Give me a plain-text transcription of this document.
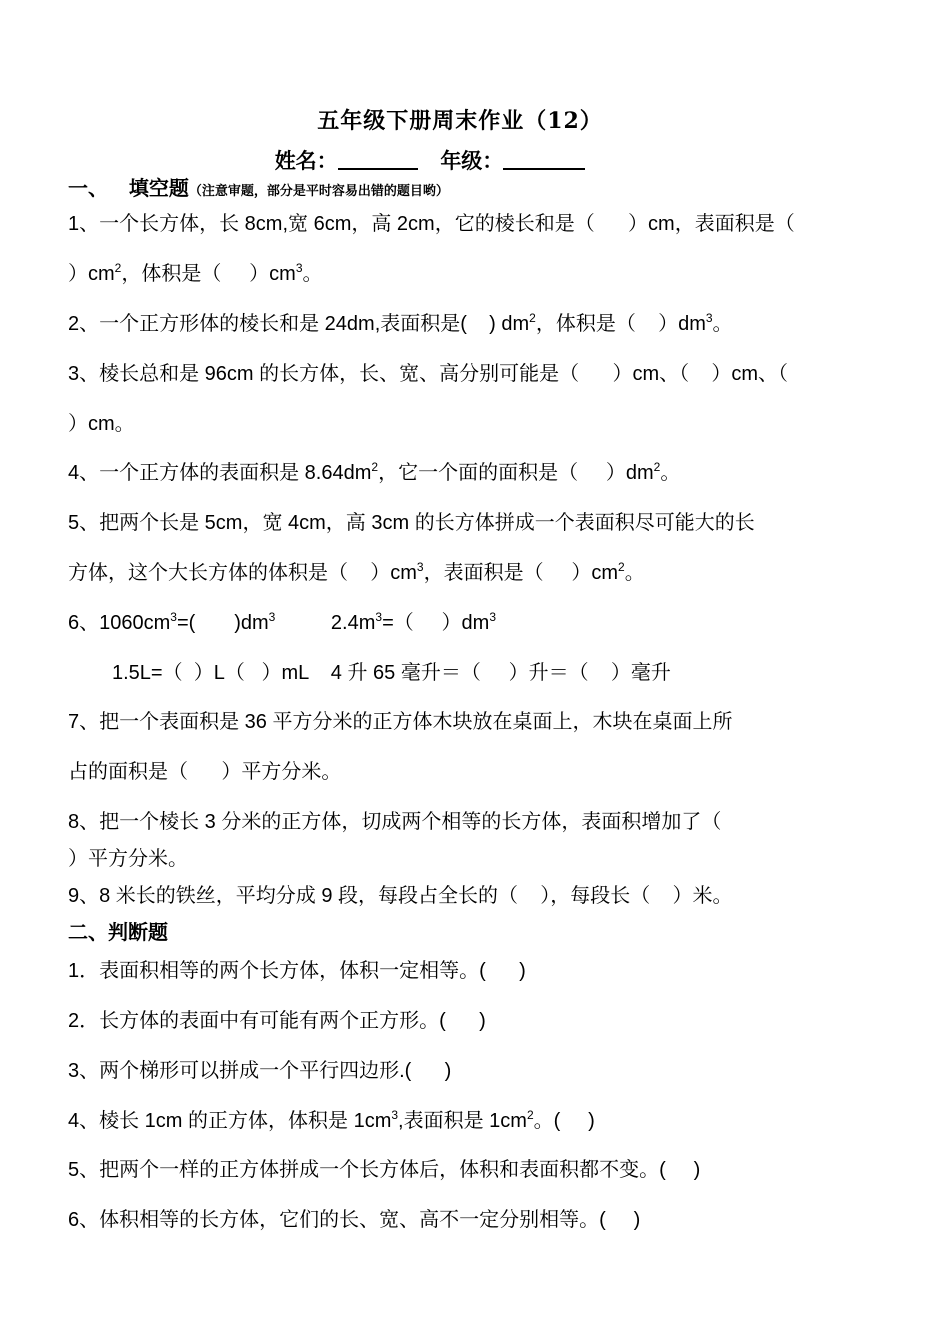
五年级下册周末作业（12）
姓名：	年级：
一、   填空题（注意审题，部分是平时容易出错的题目哟）
1、一个长方体，长 8cm,宽 6cm，高 2cm，它的棱长和是（      ）cm，表面积是（
）$cm^2$，体积是（     ）$cm^3$。
2、一个正方形体的棱长和是 24dm,表面积是(    ) $dm^2$，体积是（    ）$dm^3$。
3、棱长总和是 96cm 的长方体，长、宽、高分别可能是（      ）cm、（    ）cm、（
）cm。
4、一个正方体的表面积是 $8.64dm^2$，它一个面的面积是（     ）$dm^2$。
5、把两个长是 5cm，宽 4cm，高 3cm 的长方体拼成一个表面积尽可能大的长
方体，这个大长方体的体积是（    ）$cm^3$，表面积是（     ）$cm^2$。
6、$1060cm^3=$(       )$dm^3$          $2.4m^3=$（     ）$dm^3$
1.5L=（  ）L（   ）mL    4 升 65 毫升＝（     ）升＝（    ）毫升
7、把一个表面积是 36 平方分米的正方体木块放在桌面上，木块在桌面上所
占的面积是（      ）平方分米。
8、把一个棱长 3 分米的正方体，切成两个相等的长方体，表面积增加了（
）平方分米。
9、8 米长的铁丝，平均分成 9 段，每段占全长的（    ），每段长（    ）米。
二、判断题
1．表面积相等的两个长方体，体积一定相等。(      )
2．长方体的表面中有可能有两个正方形。(      )
3、两个梯形可以拼成一个平行四边形.(      )
4、棱长 1cm 的正方体，体积是 $1cm^3$,表面积是 $1cm^2$。(     )
5、把两个一样的正方体拼成一个长方体后，体积和表面积都不变。(     )
6、体积相等的长方体，它们的长、宽、高不一定分别相等。(     )
